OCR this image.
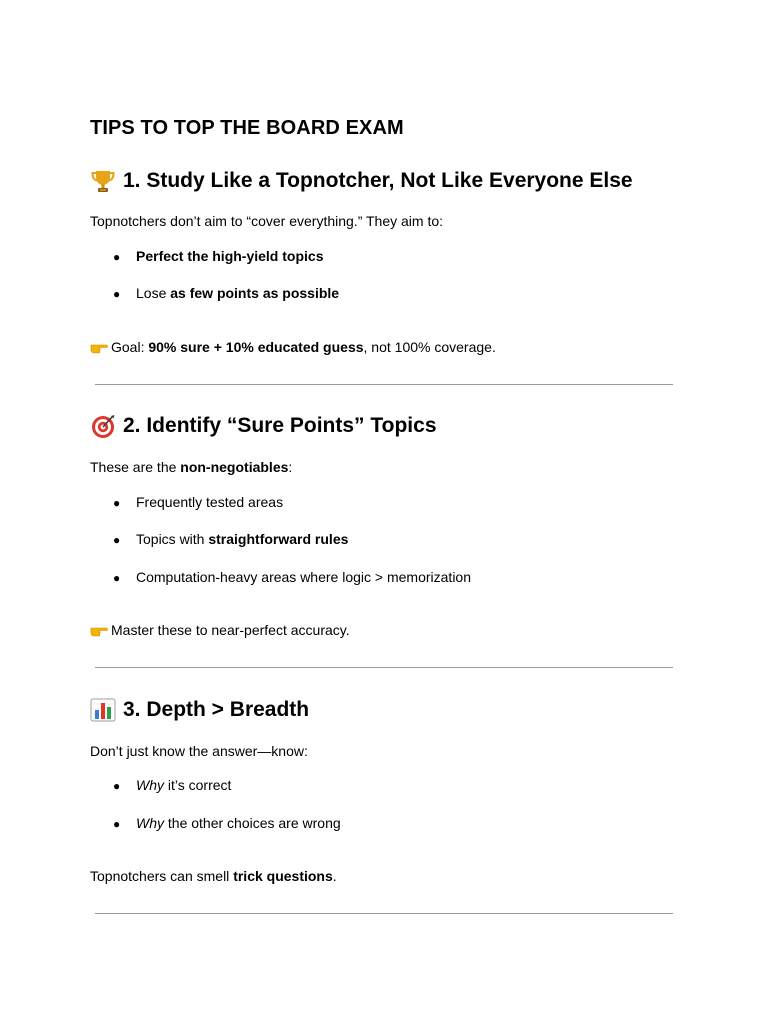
TIPS TO TOP THE BOARD EXAM
1. Study Like a Topnotcher, Not Like Everyone Else
Topnotchers don’t aim to “cover everything.” They aim to:
● Perfect the high-yield topics
● Lose as few points as possible
Goal: 90% sure + 10% educated guess, not 100% coverage.
2. Identify “Sure Points” Topics
These are the non-negotiables:
● Frequently tested areas
● Topics with straightforward rules
● Computation-heavy areas where logic > memorization
Master these to near-perfect accuracy.
3. Depth > Breadth
Don’t just know the answer—know:
● Why it’s correct
● Why the other choices are wrong
Topnotchers can smell trick questions.
